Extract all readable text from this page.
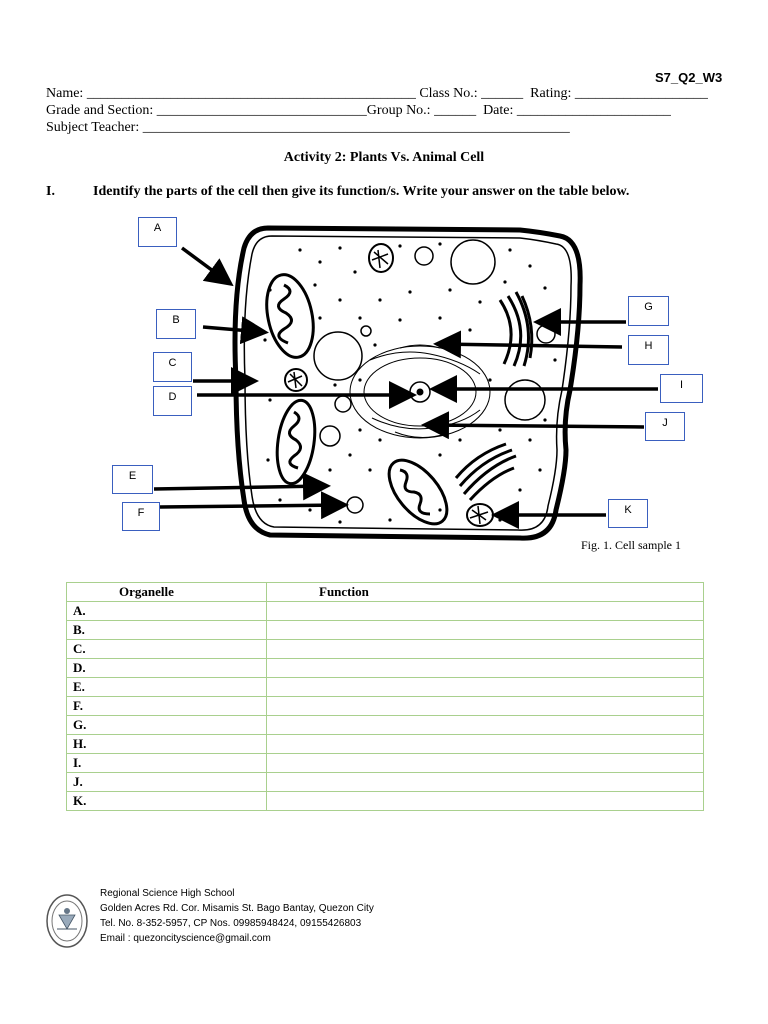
S7_Q2_W3
Name: _______________________________________________ Class No.: ______  Rating: ___________________
Grade and Section: ______________________________Group No.: ______  Date: ______________________
Subject Teacher: _____________________________________________________________
Activity 2: Plants Vs. Animal Cell
I.	Identify the parts of the cell then give its function/s. Write your answer on the table below.
A
B
C
D
E
F
G
H
I
J
K
Fig. 1. Cell sample 1
Organelle	Function
A.	
B.	
C.	
D.	
E.	
F.	
G.	
H.	
I.	
J.	
K.	
Regional Science High School
Golden Acres Rd. Cor. Misamis St. Bago Bantay, Quezon City
Tel. No. 8-352-5957, CP Nos. 09985948424, 09155426803
Email : quezoncityscience@gmail.com
